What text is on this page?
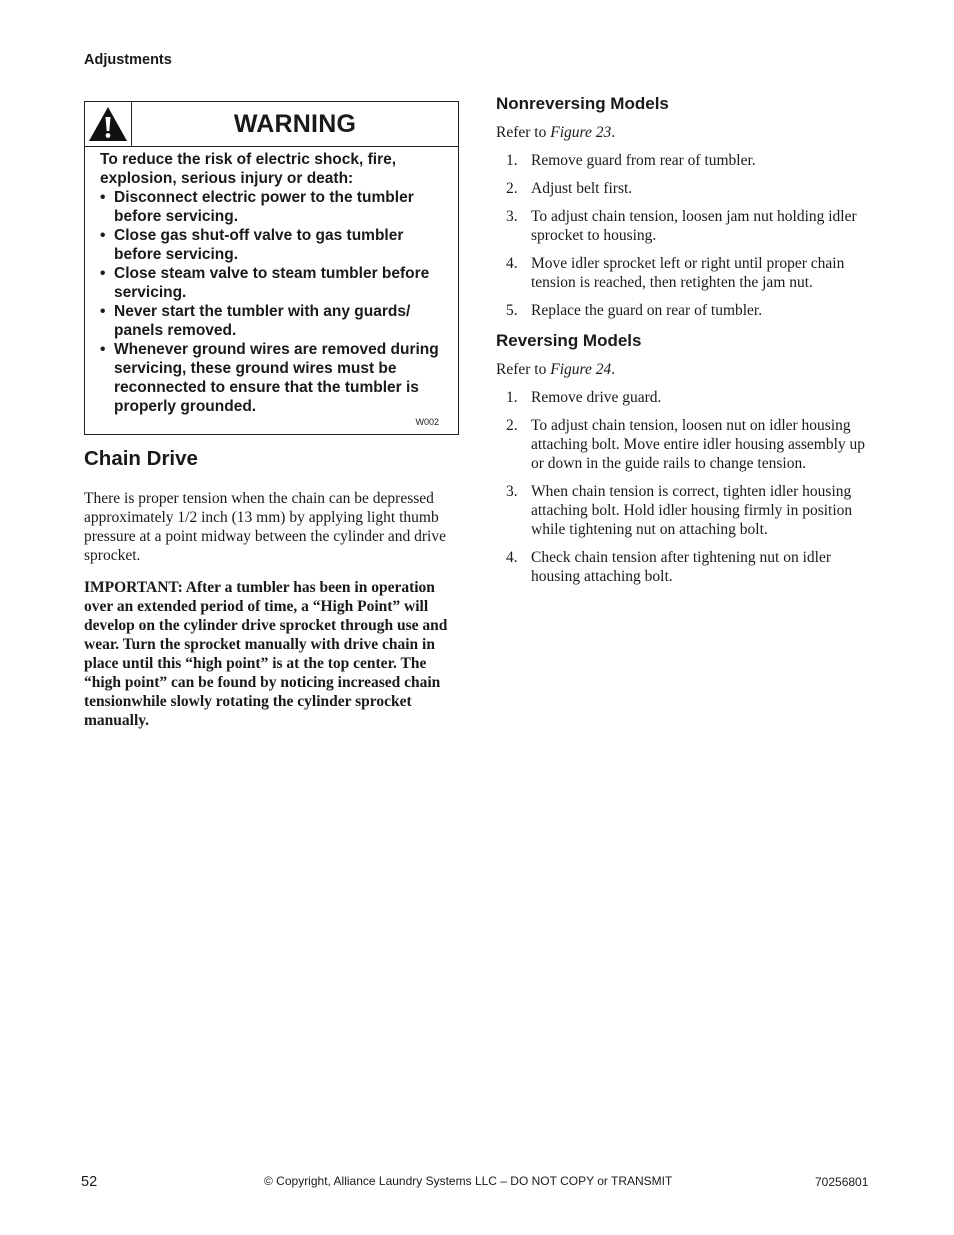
Adjustments
WARNING
To reduce the risk of electric shock, fire, explosion, serious injury or death:
• Disconnect electric power to the tumbler before servicing.
• Close gas shut-off valve to gas tumbler before servicing.
• Close steam valve to steam tumbler before servicing.
• Never start the tumbler with any guards/ panels removed.
• Whenever ground wires are removed during servicing, these ground wires must be reconnected to ensure that the tumbler is properly grounded.
W002
Chain Drive

There is proper tension when the chain can be depressed approximately 1/2 inch (13 mm) by applying light thumb pressure at a point midway between the cylinder and drive sprocket.

IMPORTANT: After a tumbler has been in operation over an extended period of time, a “High Point” will develop on the cylinder drive sprocket through use and wear. Turn the sprocket manually with drive chain in place until this “high point” is at the top center. The “high point” can be found by noticing increased chain tensionwhile slowly rotating the cylinder sprocket manually.

Nonreversing Models

Refer to Figure 23.

1. Remove guard from rear of tumbler.
2. Adjust belt first.
3. To adjust chain tension, loosen jam nut holding idler sprocket to housing.
4. Move idler sprocket left or right until proper chain tension is reached, then retighten the jam nut.
5. Replace the guard on rear of tumbler.
Reversing Models

Refer to Figure 24.

1. Remove drive guard.
2. To adjust chain tension, loosen nut on idler housing attaching bolt. Move entire idler housing assembly up or down in the guide rails to change tension.
3. When chain tension is correct, tighten idler housing attaching bolt. Hold idler housing firmly in position while tightening nut on attaching bolt.
4. Check chain tension after tightening nut on idler housing attaching bolt.
52	© Copyright, Alliance Laundry Systems LLC – DO NOT COPY or TRANSMIT	70256801
